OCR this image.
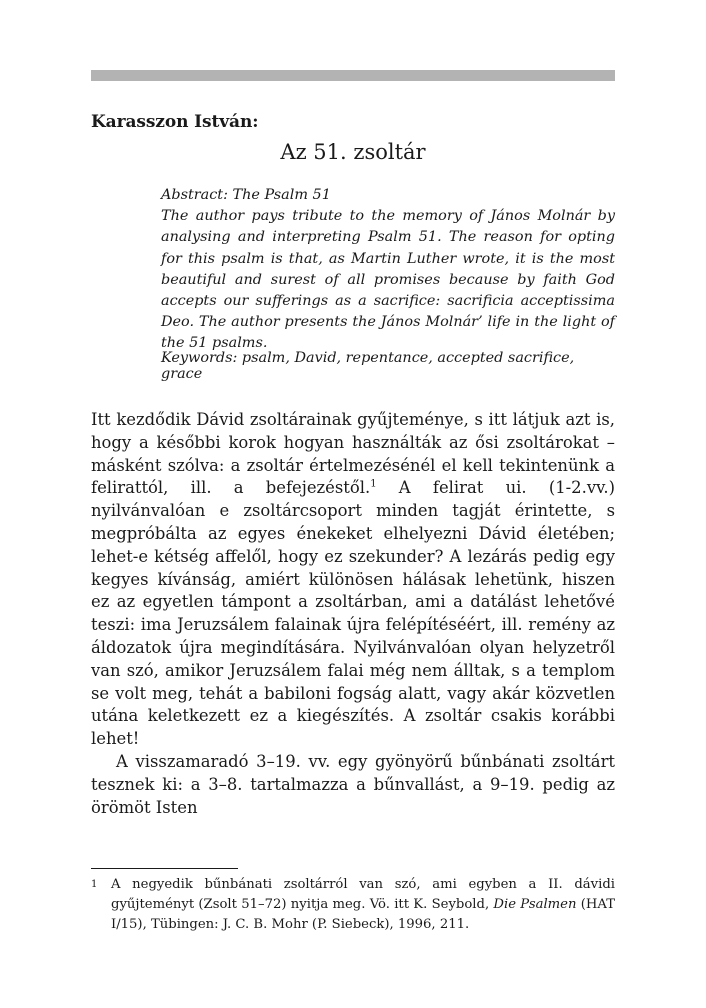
Karasszon István:
Az 51. zsoltár

Abstract: The Psalm 51

The author pays tribute to the memory of János Molnár by analysing and interpreting Psalm 51. The reason for opting for this psalm is that, as Martin Luther wrote, it is the most beautiful and surest of all promises because by faith God accepts our sufferings as a sacrifice: sacrificia acceptissima Deo. The author presents the János Molnár’ life in the light of the 51 psalms.

Keywords: psalm, David, repentance, accepted sacrifice, grace

Itt kezdődik Dávid zsoltárainak gyűjteménye, s itt látjuk azt is, hogy a későbbi korok hogyan használták az ősi zsoltárokat – másként szólva: a zsoltár értelmezésénél el kell tekintenünk a felirattól, ill. a befejezéstől.$^1$ A felirat ui. (1-2.vv.) nyilvánvalóan e zsoltárcsoport minden tagját érintette, s megpróbálta az egyes énekeket elhelyezni Dávid életében; lehet-e kétség affelől, hogy ez szekunder? A lezárás pedig egy kegyes kívánság, amiért különösen hálásak lehetünk, hiszen ez az egyetlen támpont a zsoltárban, ami a datálást lehetővé teszi: ima Jeruzsálem falainak újra felépítéséért, ill. remény az áldozatok újra megindítására. Nyilvánvalóan olyan helyzetről van szó, amikor Jeruzsálem falai még nem álltak, s a templom se volt meg, tehát a babiloni fogság alatt, vagy akár közvetlen utána keletkezett ez a kiegészítés. A zsoltár csakis korábbi lehet!

A visszamaradó 3–19. vv. egy gyönyörű bűnbánati zsoltárt tesznek ki: a 3–8. tartalmazza a bűnvallást, a 9–19. pedig az örömöt Isten

1 A negyedik bűnbánati zsoltárról van szó, ami egyben a II. dávidi gyűjteményt (Zsolt 51–72) nyitja meg. Vö. itt K. Seybold, Die Psalmen (HAT I/15), Tübingen: J. C. B. Mohr (P. Siebeck), 1996, 211.
